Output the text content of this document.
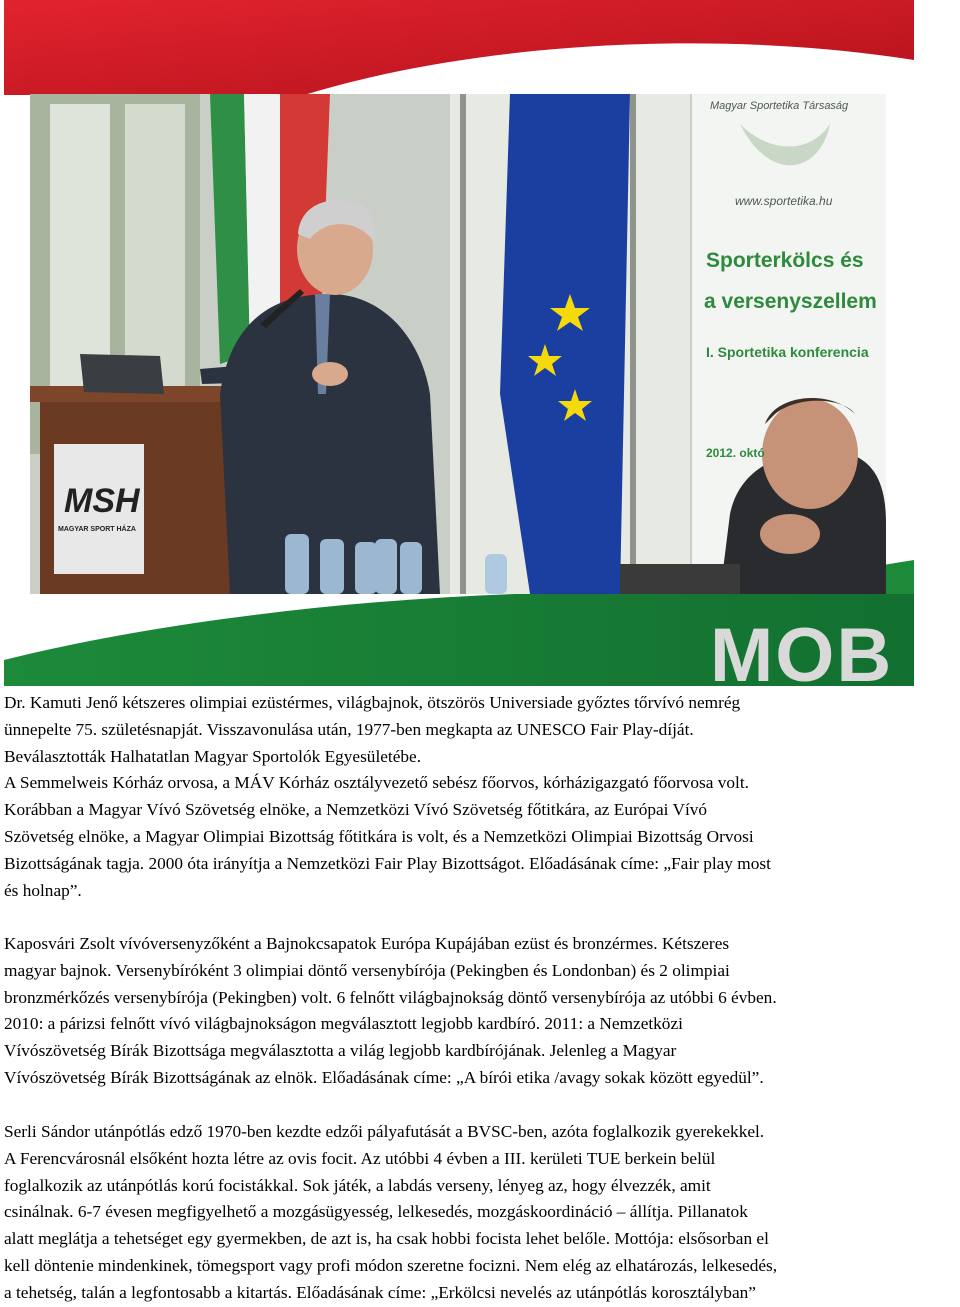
MOB
Magyar Sportetika Társaság
www.sportetika.hu
Sporterkölcs és
a versenyszellem
I. Sportetika konferencia
2012. októ
MSH
MAGYAR SPORT HÁZA

Dr. Kamuti Jenő kétszeres olimpiai ezüstérmes, világbajnok, ötszörös Universiade győztes tőrvívó nemrég

ünnepelte 75. születésnapját. Visszavonulása után, 1977-ben megkapta az UNESCO Fair Play-díját.

Beválasztották Halhatatlan Magyar Sportolók Egyesületébe.

A Semmelweis Kórház orvosa, a MÁV Kórház osztályvezető sebész főorvos, kórházigazgató főorvosa volt.

Korábban a Magyar Vívó Szövetség elnöke, a Nemzetközi Vívó Szövetség főtitkára, az Európai Vívó

Szövetség elnöke, a Magyar Olimpiai Bizottság főtitkára is volt, és a Nemzetközi Olimpiai Bizottság Orvosi

Bizottságának tagja. 2000 óta irányítja a Nemzetközi Fair Play Bizottságot. Előadásának címe: „Fair play most

és holnap”.

Kaposvári Zsolt vívóversenyzőként a Bajnokcsapatok Európa Kupájában ezüst és bronzérmes. Kétszeres

magyar bajnok. Versenybíróként 3 olimpiai döntő versenybírója (Pekingben és Londonban) és 2 olimpiai

bronzmérkőzés versenybírója (Pekingben) volt. 6 felnőtt világbajnokság döntő versenybírója az utóbbi 6 évben.

2010: a párizsi felnőtt vívó világbajnokságon megválasztott legjobb kardbíró. 2011: a Nemzetközi

Vívószövetség Bírák Bizottsága megválasztotta a világ legjobb kardbírójának. Jelenleg a Magyar

Vívószövetség Bírák Bizottságának az elnök. Előadásának címe: „A bírói etika /avagy sokak között egyedül”.

Serli Sándor utánpótlás edző 1970-ben kezdte edzői pályafutását a BVSC-ben, azóta foglalkozik gyerekekkel.

A Ferencvárosnál elsőként hozta létre az ovis focit. Az utóbbi 4 évben a III. kerületi TUE berkein belül

foglalkozik az utánpótlás korú focistákkal. Sok játék, a labdás verseny, lényeg az, hogy élvezzék, amit

csinálnak. 6-7 évesen megfigyelhető a mozgásügyesség, lelkesedés, mozgáskoordináció – állítja. Pillanatok

alatt meglátja a tehetséget egy gyermekben, de azt is, ha csak hobbi focista lehet belőle. Mottója: elsősorban el

kell döntenie mindenkinek, tömegsport vagy profi módon szeretne focizni. Nem elég az elhatározás, lelkesedés,

a tehetség, talán a legfontosabb a kitartás. Előadásának címe: „Erkölcsi nevelés az utánpótlás korosztályban”
